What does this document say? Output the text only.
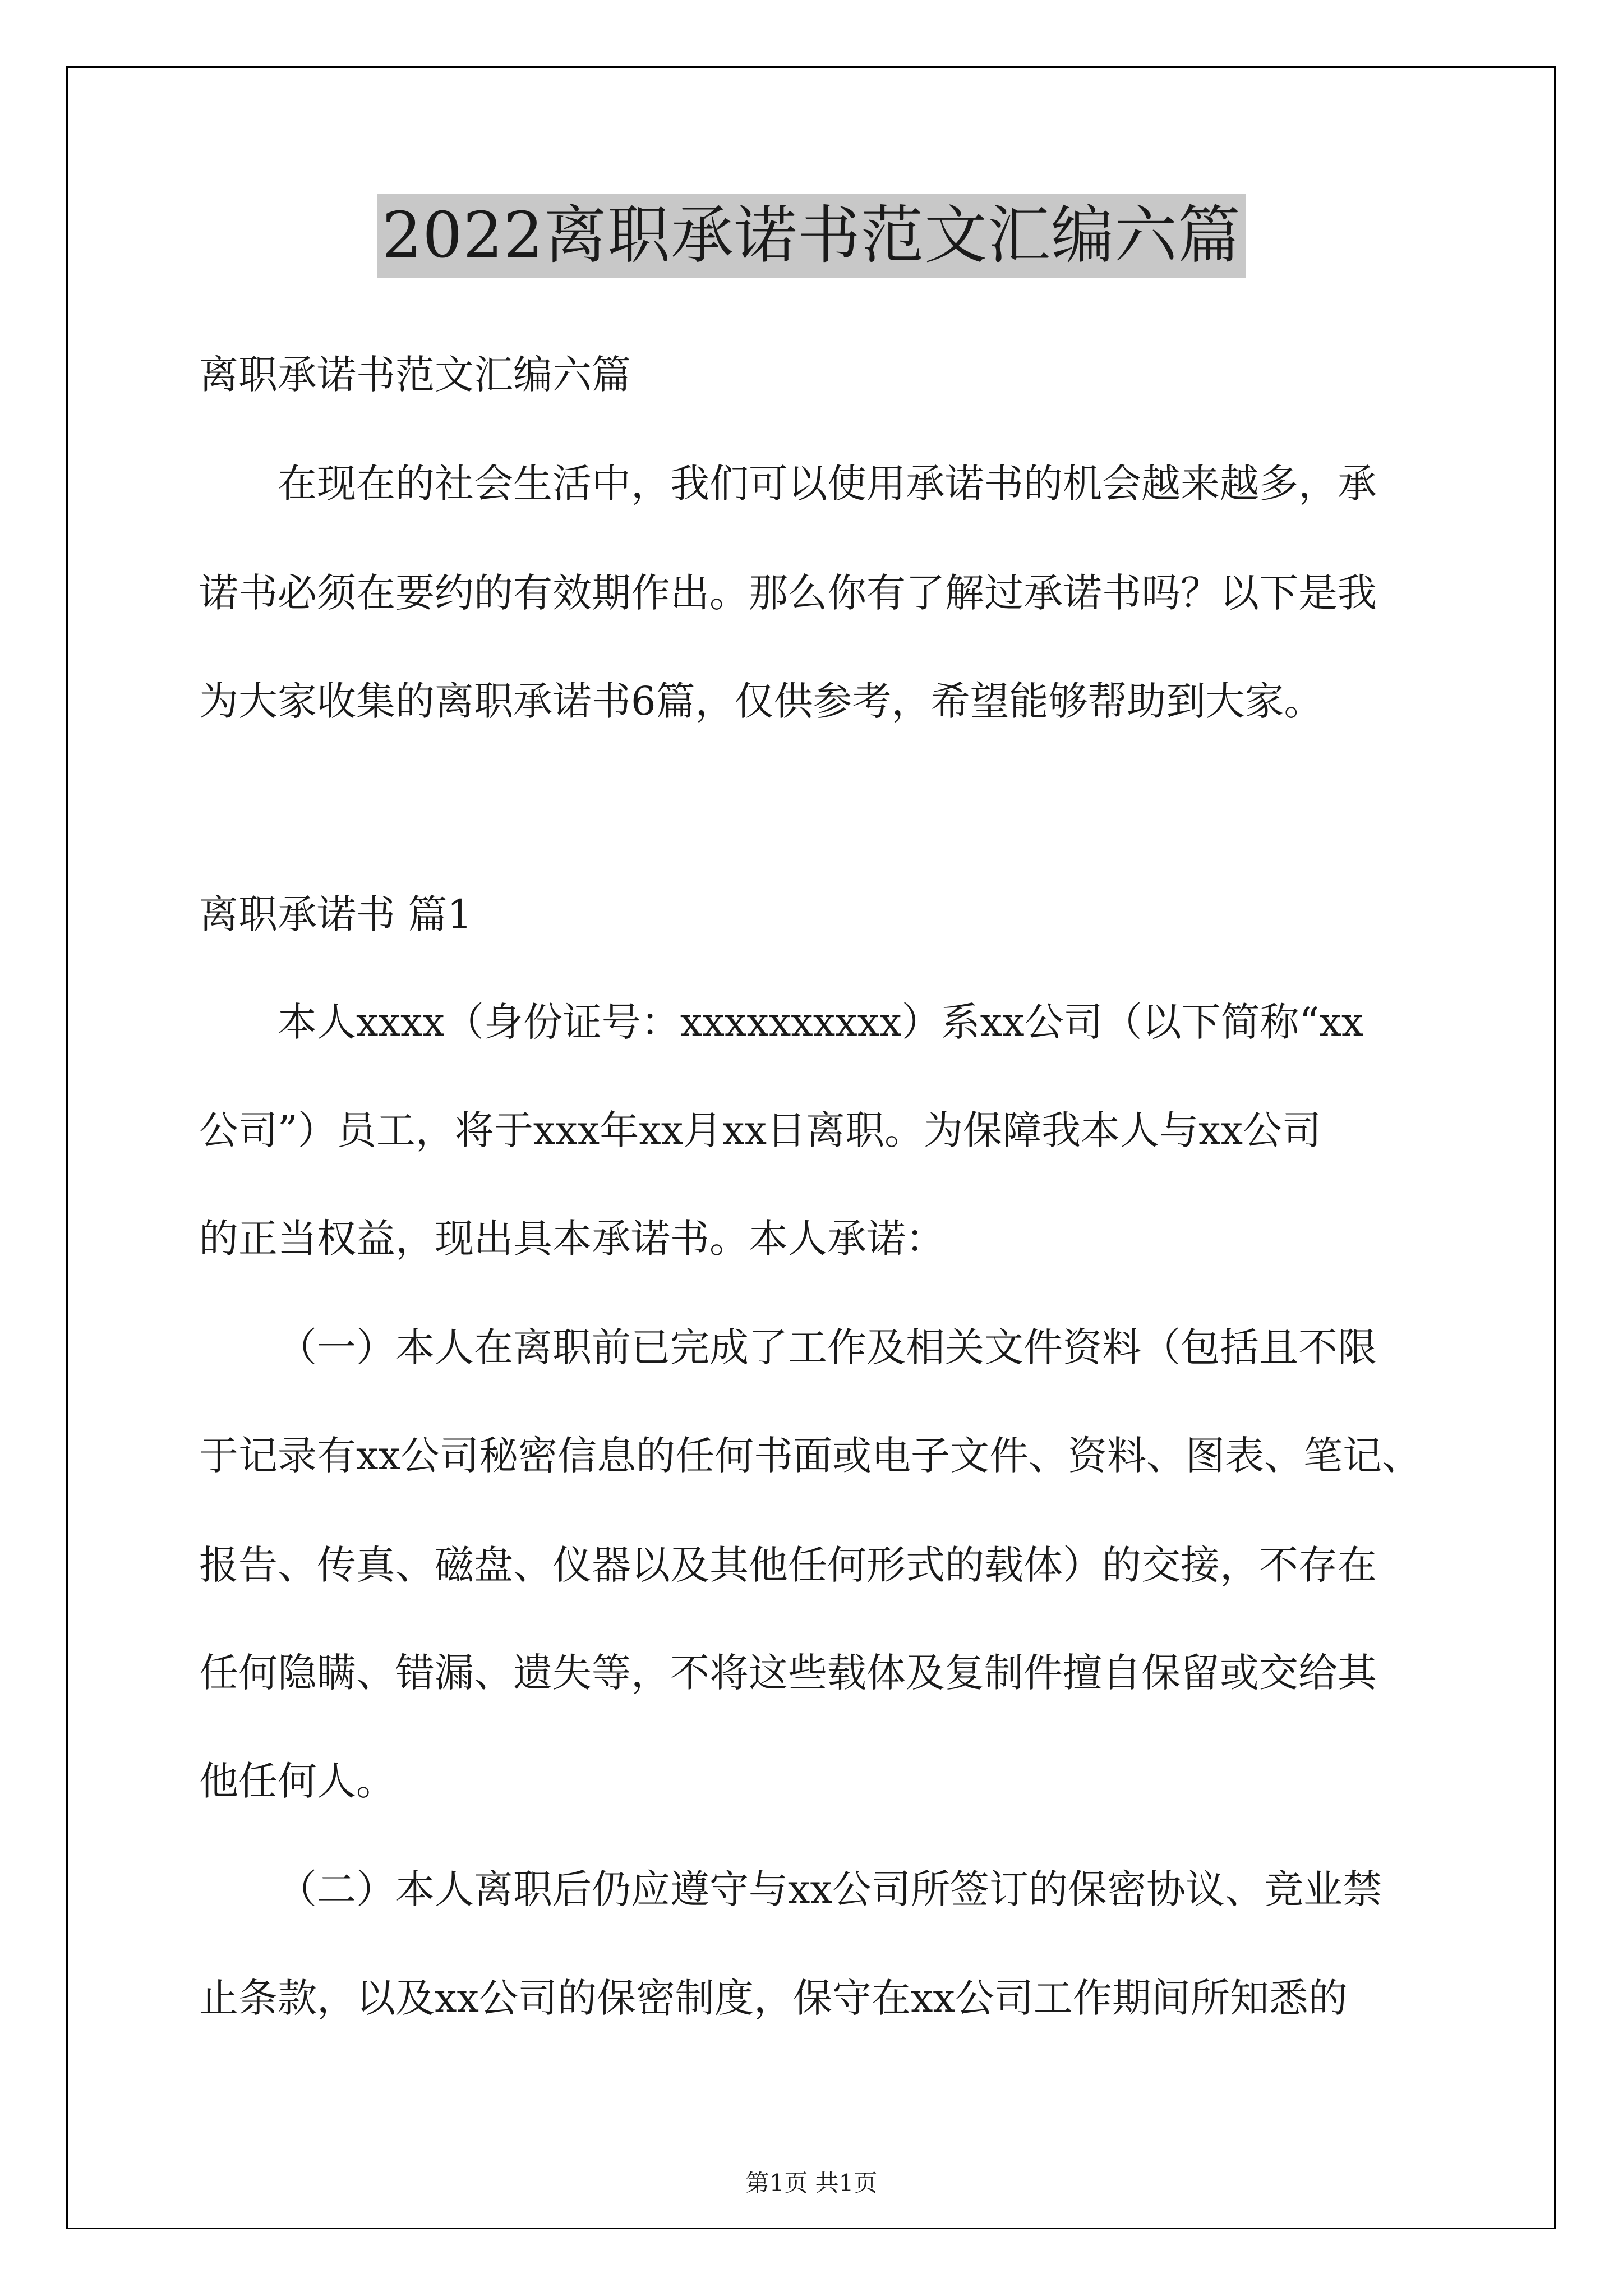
2022离职承诺书范文汇编六篇
离职承诺书范文汇编六篇
在现在的社会生活中，我们可以使用承诺书的机会越来越多，承
诺书必须在要约的有效期作出。那么你有了解过承诺书吗？以下是我
为大家收集的离职承诺书6篇，仅供参考，希望能够帮助到大家。
离职承诺书 篇1
本人xxxx（身份证号：xxxxxxxxxx）系xx公司（以下简称“xx
公司”）员工，将于xxx年xx月xx日离职。为保障我本人与xx公司
的正当权益，现出具本承诺书。本人承诺：
（一）本人在离职前已完成了工作及相关文件资料（包括且不限
于记录有xx公司秘密信息的任何书面或电子文件、资料、图表、笔记、
报告、传真、磁盘、仪器以及其他任何形式的载体）的交接，不存在
任何隐瞒、错漏、遗失等，不将这些载体及复制件擅自保留或交给其
他任何人。
（二）本人离职后仍应遵守与xx公司所签订的保密协议、竞业禁
止条款，以及xx公司的保密制度，保守在xx公司工作期间所知悉的
第1页 共1页
